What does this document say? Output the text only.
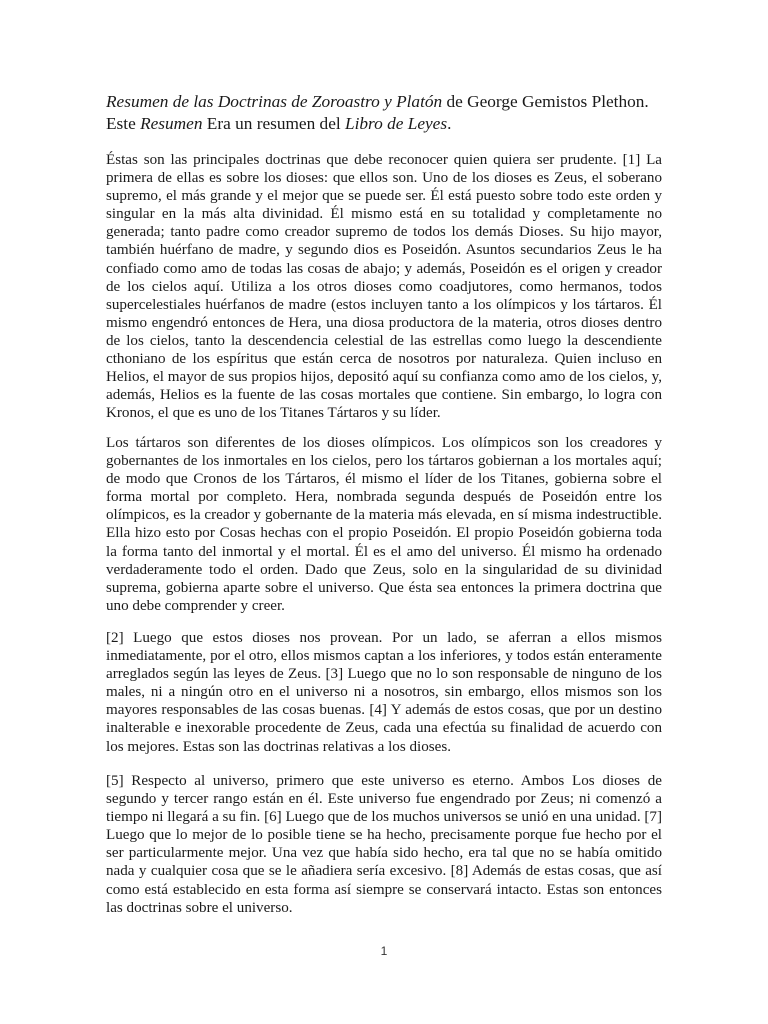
Resumen de las Doctrinas de Zoroastro y Platón de George Gemistos Plethon. Este Resumen Era un resumen del Libro de Leyes.

Éstas son las principales doctrinas que debe reconocer quien quiera ser prudente. [1] La primera de ellas es sobre los dioses: que ellos son. Uno de los dioses es Zeus, el soberano supremo, el más grande y el mejor que se puede ser. Él está puesto sobre todo este orden y singular en la más alta divinidad. Él mismo está en su totalidad y completamente no generada; tanto padre como creador supremo de todos los demás Dioses. Su hijo mayor, también huérfano de madre, y segundo dios es Poseidón. Asuntos secundarios Zeus le ha confiado como amo de todas las cosas de abajo; y además, Poseidón es el origen y creador de los cielos aquí. Utiliza a los otros dioses como coadjutores, como hermanos, todos supercelestiales huérfanos de madre (estos incluyen tanto a los olímpicos y los tártaros. Él mismo engendró entonces de Hera, una diosa productora de la materia, otros dioses dentro de los cielos, tanto la descendencia celestial de las estrellas como luego la descendiente cthoniano de los espíritus que están cerca de nosotros por naturaleza. Quien incluso en Helios, el mayor de sus propios hijos, depositó aquí su confianza como amo de los cielos, y, además, Helios es la fuente de las cosas mortales que contiene. Sin embargo, lo logra con Kronos, el que es uno de los Titanes Tártaros y su líder.

Los tártaros son diferentes de los dioses olímpicos. Los olímpicos son los creadores y gobernantes de los inmortales en los cielos, pero los tártaros gobiernan a los mortales aquí; de modo que Cronos de los Tártaros, él mismo el líder de los Titanes, gobierna sobre el forma mortal por completo. Hera, nombrada segunda después de Poseidón entre los olímpicos, es la creador y gobernante de la materia más elevada, en sí misma indestructible. Ella hizo esto por Cosas hechas con el propio Poseidón. El propio Poseidón gobierna toda la forma tanto del inmortal y el mortal. Él es el amo del universo. Él mismo ha ordenado verdaderamente todo el orden. Dado que Zeus, solo en la singularidad de su divinidad suprema, gobierna aparte sobre el universo. Que ésta sea entonces la primera doctrina que uno debe comprender y creer.

[2] Luego que estos dioses nos provean. Por un lado, se aferran a ellos mismos inmediatamente, por el otro, ellos mismos captan a los inferiores, y todos están enteramente arreglados según las leyes de Zeus. [3] Luego que no lo son responsable de ninguno de los males, ni a ningún otro en el universo ni a nosotros, sin embargo, ellos mismos son los mayores responsables de las cosas buenas. [4] Y además de estos cosas, que por un destino inalterable e inexorable procedente de Zeus, cada una efectúa su finalidad de acuerdo con los mejores. Estas son las doctrinas relativas a los dioses.

[5] Respecto al universo, primero que este universo es eterno. Ambos Los dioses de segundo y tercer rango están en él. Este universo fue engendrado por Zeus; ni comenzó a tiempo ni llegará a su fin. [6] Luego que de los muchos universos se unió en una unidad. [7] Luego que lo mejor de lo posible tiene se ha hecho, precisamente porque fue hecho por el ser particularmente mejor. Una vez que había sido hecho, era tal que no se había omitido nada y cualquier cosa que se le añadiera sería excesivo. [8] Además de estas cosas, que así como está establecido en esta forma así siempre se conservará intacto. Estas son entonces las doctrinas sobre el universo.

1
